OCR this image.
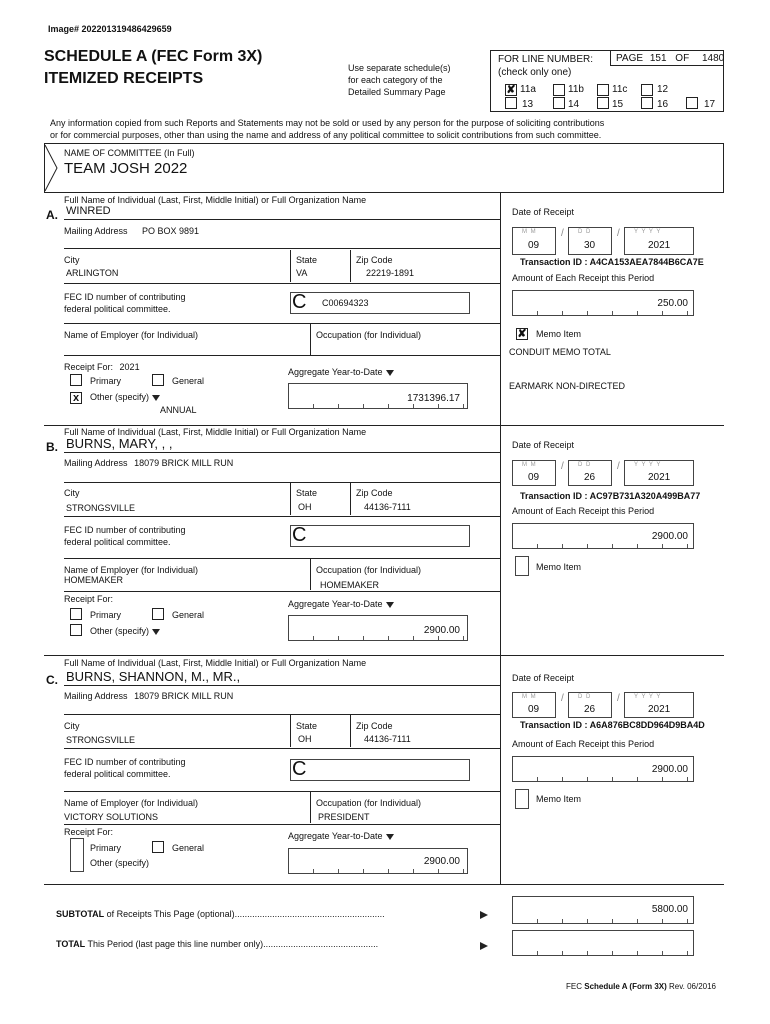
Image# 202201319486429659
SCHEDULE A (FEC Form 3X)
ITEMIZED RECEIPTS
Use separate schedule(s)
for each category of the
Detailed Summary Page
FOR LINE NUMBER:
(check only one)
PAGE 151 OF 1480
✘ 11a
13
11b
14
11c
15
12
16	17
Any information copied from such Reports and Statements may not be sold or used by any person for the purpose of soliciting contributions
or for commercial purposes, other than using the name and address of any political committee to solicit contributions from such committee.
NAME OF COMMITTEE (In Full)
TEAM JOSH 2022
Full Name of Individual (Last, First, Middle Initial) or Full Organization Name
A. WINRED
Mailing Address PO BOX 9891
City
ARLINGTON
State
VA
Zip Code
22219-1891
FEC ID number of contributing
federal political committee.	C C00694323
Name of Employer (for Individual)	Occupation (for Individual)
Receipt For: 2021
Primary	General
x	Other (specify)
ANNUAL
Aggregate Year-to-Date
1731396.17
Date of Receipt
M M
09
/ D D
30
/ Y Y Y Y
2021
Transaction ID : A4CA153AEA7844B6CA7E
Amount of Each Receipt this Period
250.00
✘ Memo Item
CONDUIT MEMO TOTAL
EARMARK NON-DIRECTED
Full Name of Individual (Last, First, Middle Initial) or Full Organization Name
B. BURNS, MARY, , ,
Mailing Address 18079 BRICK MILL RUN
City
STRONGSVILLE
State
OH
Zip Code
44136-7111
FEC ID number of contributing
federal political committee.	C
Name of Employer (for Individual)
HOMEMAKER
Occupation (for Individual)
HOMEMAKER
Receipt For:
Primary	General
Other (specify)
Aggregate Year-to-Date
2900.00
Date of Receipt
M M
09
/ D D
26
/ Y Y Y Y
2021
Transaction ID : AC97B731A320A499BA77
Amount of Each Receipt this Period
2900.00
Memo Item
Full Name of Individual (Last, First, Middle Initial) or Full Organization Name
C. BURNS, SHANNON, M., MR.,
Mailing Address 18079 BRICK MILL RUN
City
STRONGSVILLE
State
OH
Zip Code
44136-7111
FEC ID number of contributing
federal political committee.	C
Name of Employer (for Individual)
VICTORY SOLUTIONS
Occupation (for Individual)
PRESIDENT
Receipt For:
Primary	General
Other (specify)
Aggregate Year-to-Date
2900.00
Date of Receipt
M M
09
/ D D
26
/ Y Y Y Y
2021
Transaction ID : A6A876BC8DD964D9BA4D
Amount of Each Receipt this Period
2900.00
Memo Item
SUBTOTAL of Receipts This Page (optional)............................................................	5800.00
TOTAL This Period (last page this line number only)..............................................
FEC Schedule A (Form 3X) Rev. 06/2016
